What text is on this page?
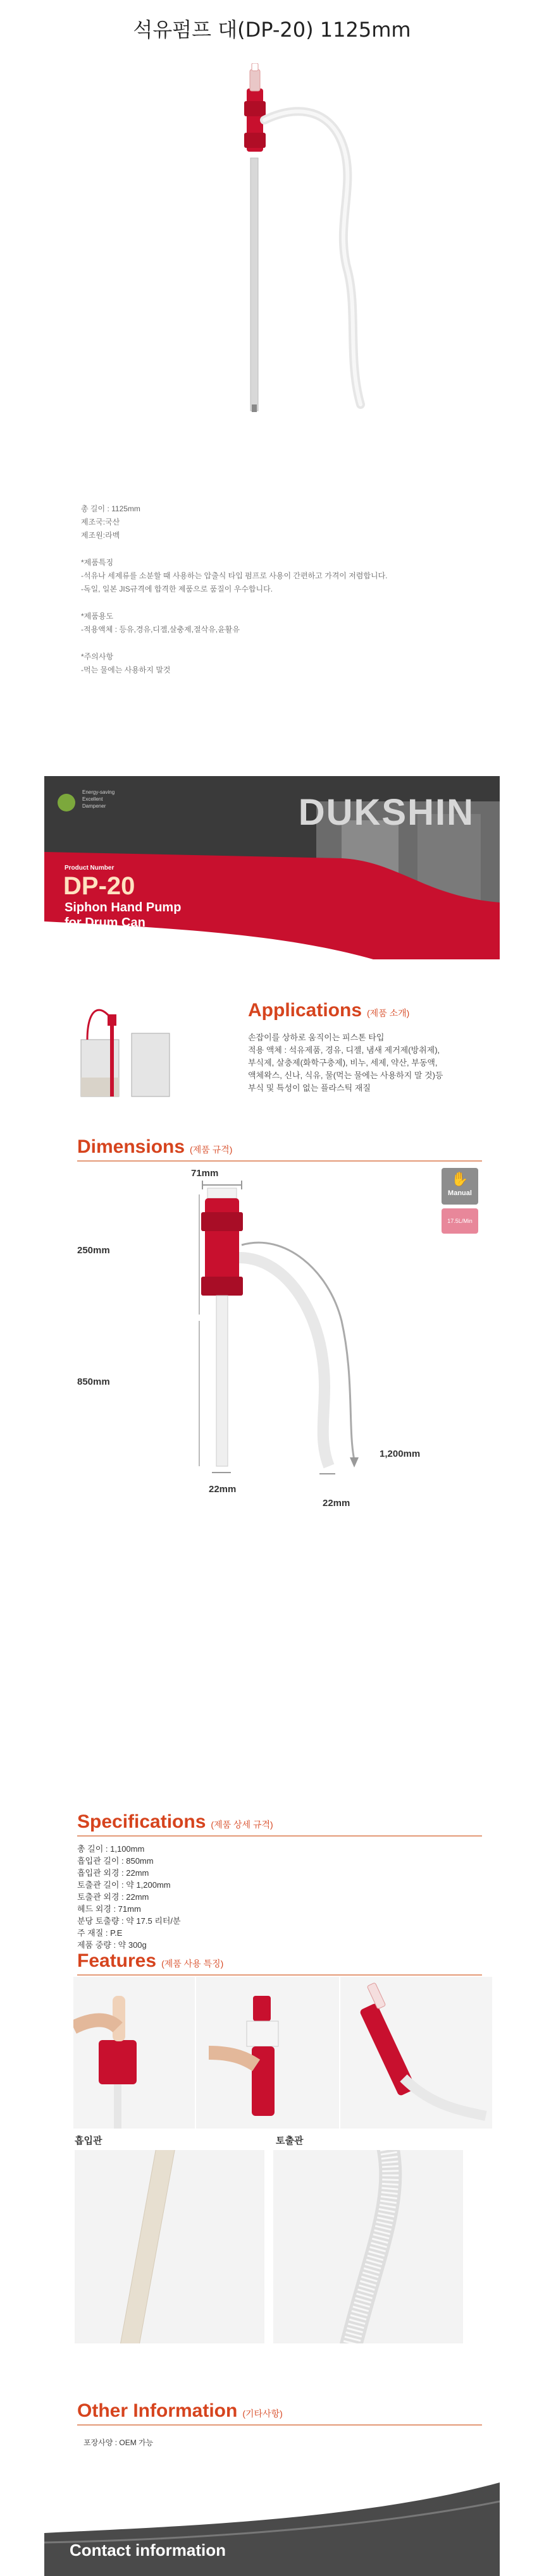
석유펌프 대(DP-20) 1125mm
총 길이 : 1125mm
제조국:국산
제조원:라벡
*제품특징
-석유나 세제류를 소분할 때 사용하는 압출식 타입 펌프로 사용이 간편하고 가격이 저렴합니다.
-독일, 일본 JIS규격에 합격한 제품으로 품질이 우수합니다.
*제품용도
-적용액체 : 등유,경유,디젤,살충제,절삭유,윤활유
*주의사항
-먹는 물에는 사용하지 말것
Energy-saving
Excellent
Dampener	DUKSHIN
Product Number
DP-20
Siphon Hand Pump
for Drum Can
Applications (제품 소개)
손잡이를 상하로 움직이는 피스톤 타입
적용 액체 : 석유제품, 경유, 디젤, 냄새 제거제(방취제),
부식제, 살충제(화학구충제), 비누, 세제, 약산, 부동액,
액체왁스, 신나, 식유, 물(먹는 물에는 사용하지 말 것)등
부식 및 특성이 없는 플라스틱 재질
Dimensions (제품 규격)
71mm
250mm
850mm
1,200mm
22mm
22mm
✋
Manual
17.5L/Min
Specifications (제품 상세 규격)
총 길이 : 1,100mm
흡입관 길이 : 850mm
흡입관 외경 : 22mm
토출관 길이 : 약 1,200mm
토출관 외경 : 22mm
헤드 외경 : 71mm
분당 토출량 : 약 17.5 리터/분
주 재질 : P.E
제품 중량 : 약 300g
Features (제품 사용 특징)
흡입관	토출관
Other Information (기타사항)
포장사양 : OEM 가능
Contact information
